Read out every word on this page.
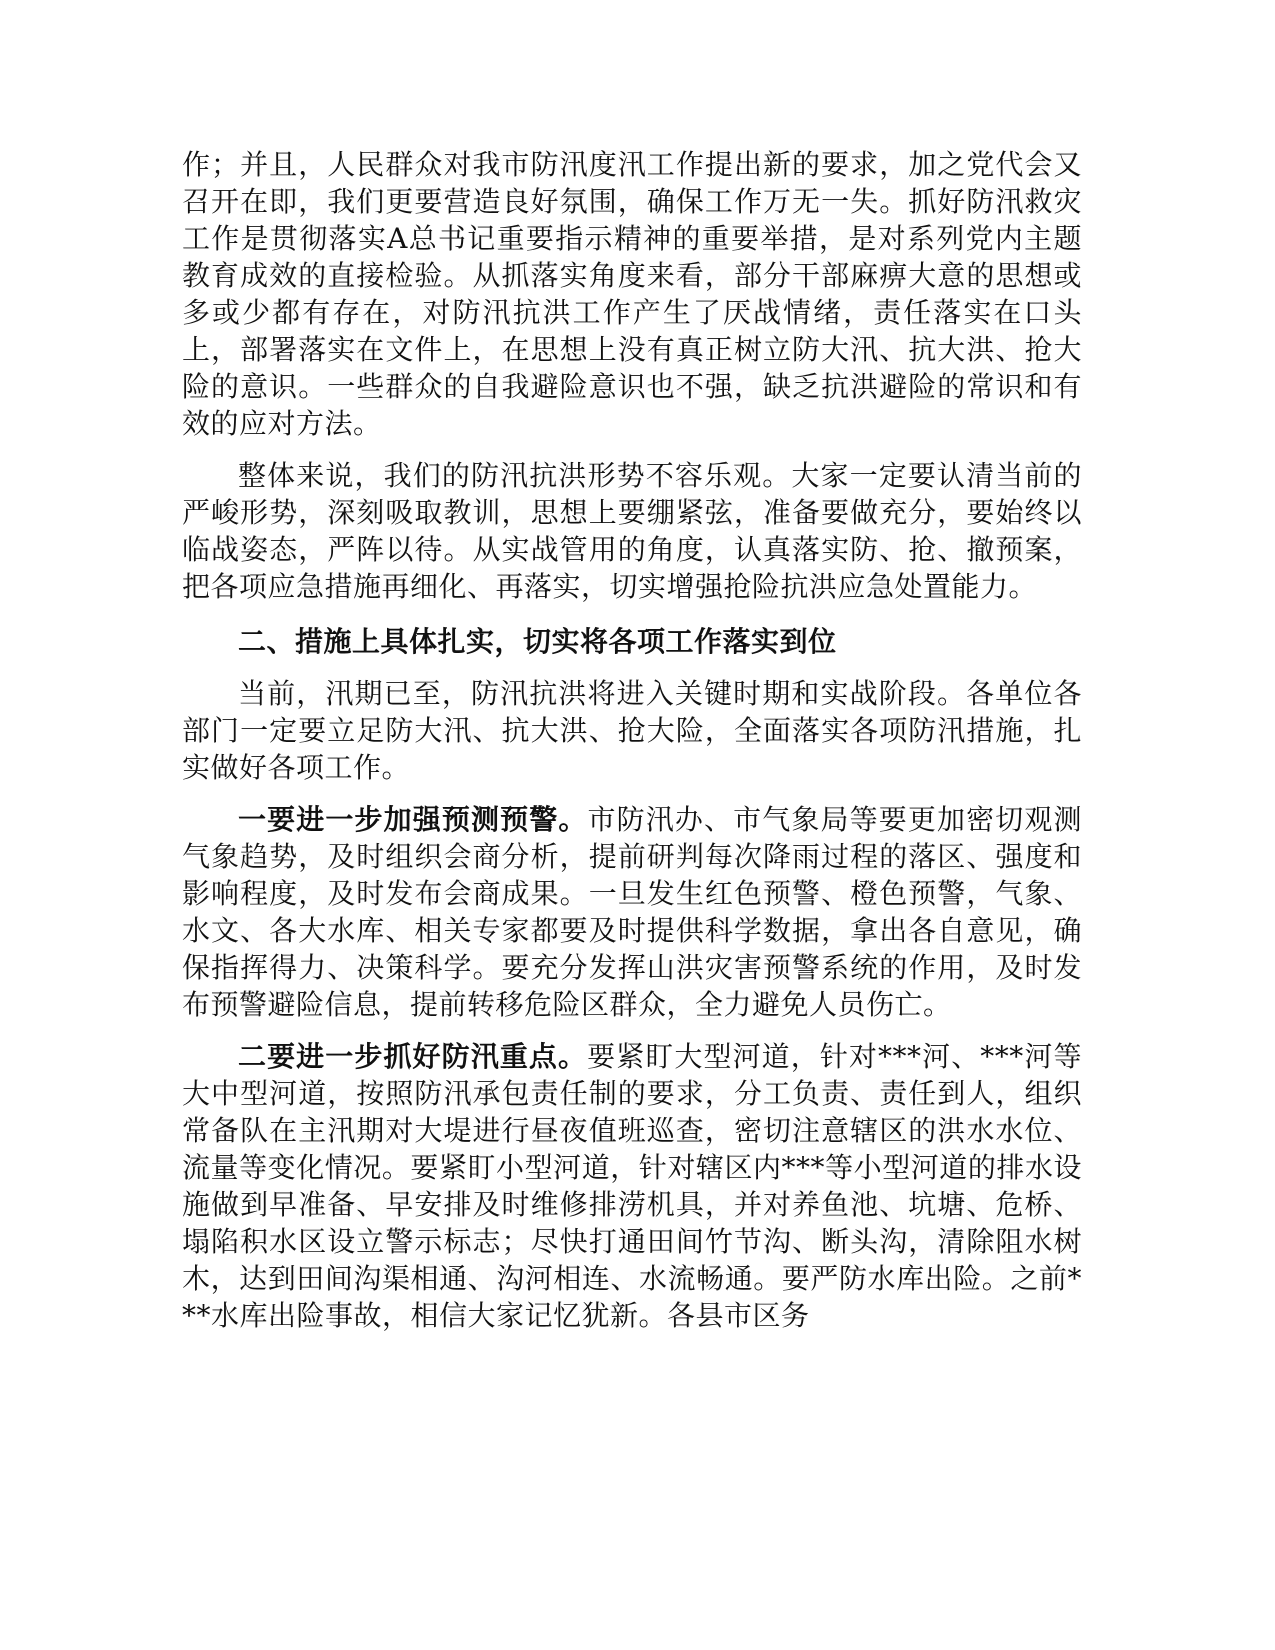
作；并且，人民群众对我市防汛度汛工作提出新的要求，加之党代会又召开在即，我们更要营造良好氛围，确保工作万无一失。抓好防汛救灾工作是贯彻落实A总书记重要指示精神的重要举措，是对系列党内主题教育成效的直接检验。从抓落实角度来看，部分干部麻痹大意的思想或多或少都有存在，对防汛抗洪工作产生了厌战情绪，责任落实在口头上，部署落实在文件上，在思想上没有真正树立防大汛、抗大洪、抢大险的意识。一些群众的自我避险意识也不强，缺乏抗洪避险的常识和有效的应对方法。

整体来说，我们的防汛抗洪形势不容乐观。大家一定要认清当前的严峻形势，深刻吸取教训，思想上要绷紧弦，准备要做充分，要始终以临战姿态，严阵以待。从实战管用的角度，认真落实防、抢、撤预案，把各项应急措施再细化、再落实，切实增强抢险抗洪应急处置能力。

二、措施上具体扎实，切实将各项工作落实到位

当前，汛期已至，防汛抗洪将进入关键时期和实战阶段。各单位各部门一定要立足防大汛、抗大洪、抢大险，全面落实各项防汛措施，扎实做好各项工作。

一要进一步加强预测预警。市防汛办、市气象局等要更加密切观测气象趋势，及时组织会商分析，提前研判每次降雨过程的落区、强度和影响程度，及时发布会商成果。一旦发生红色预警、橙色预警，气象、水文、各大水库、相关专家都要及时提供科学数据，拿出各自意见，确保指挥得力、决策科学。要充分发挥山洪灾害预警系统的作用，及时发布预警避险信息，提前转移危险区群众，全力避免人员伤亡。

二要进一步抓好防汛重点。要紧盯大型河道，针对***河、***河等大中型河道，按照防汛承包责任制的要求，分工负责、责任到人，组织常备队在主汛期对大堤进行昼夜值班巡查，密切注意辖区的洪水水位、流量等变化情况。要紧盯小型河道，针对辖区内***等小型河道的排水设施做到早准备、早安排及时维修排涝机具，并对养鱼池、坑塘、危桥、塌陷积水区设立警示标志；尽快打通田间竹节沟、断头沟，清除阻水树木，达到田间沟渠相通、沟河相连、水流畅通。要严防水库出险。之前***水库出险事故，相信大家记忆犹新。各县市区务
